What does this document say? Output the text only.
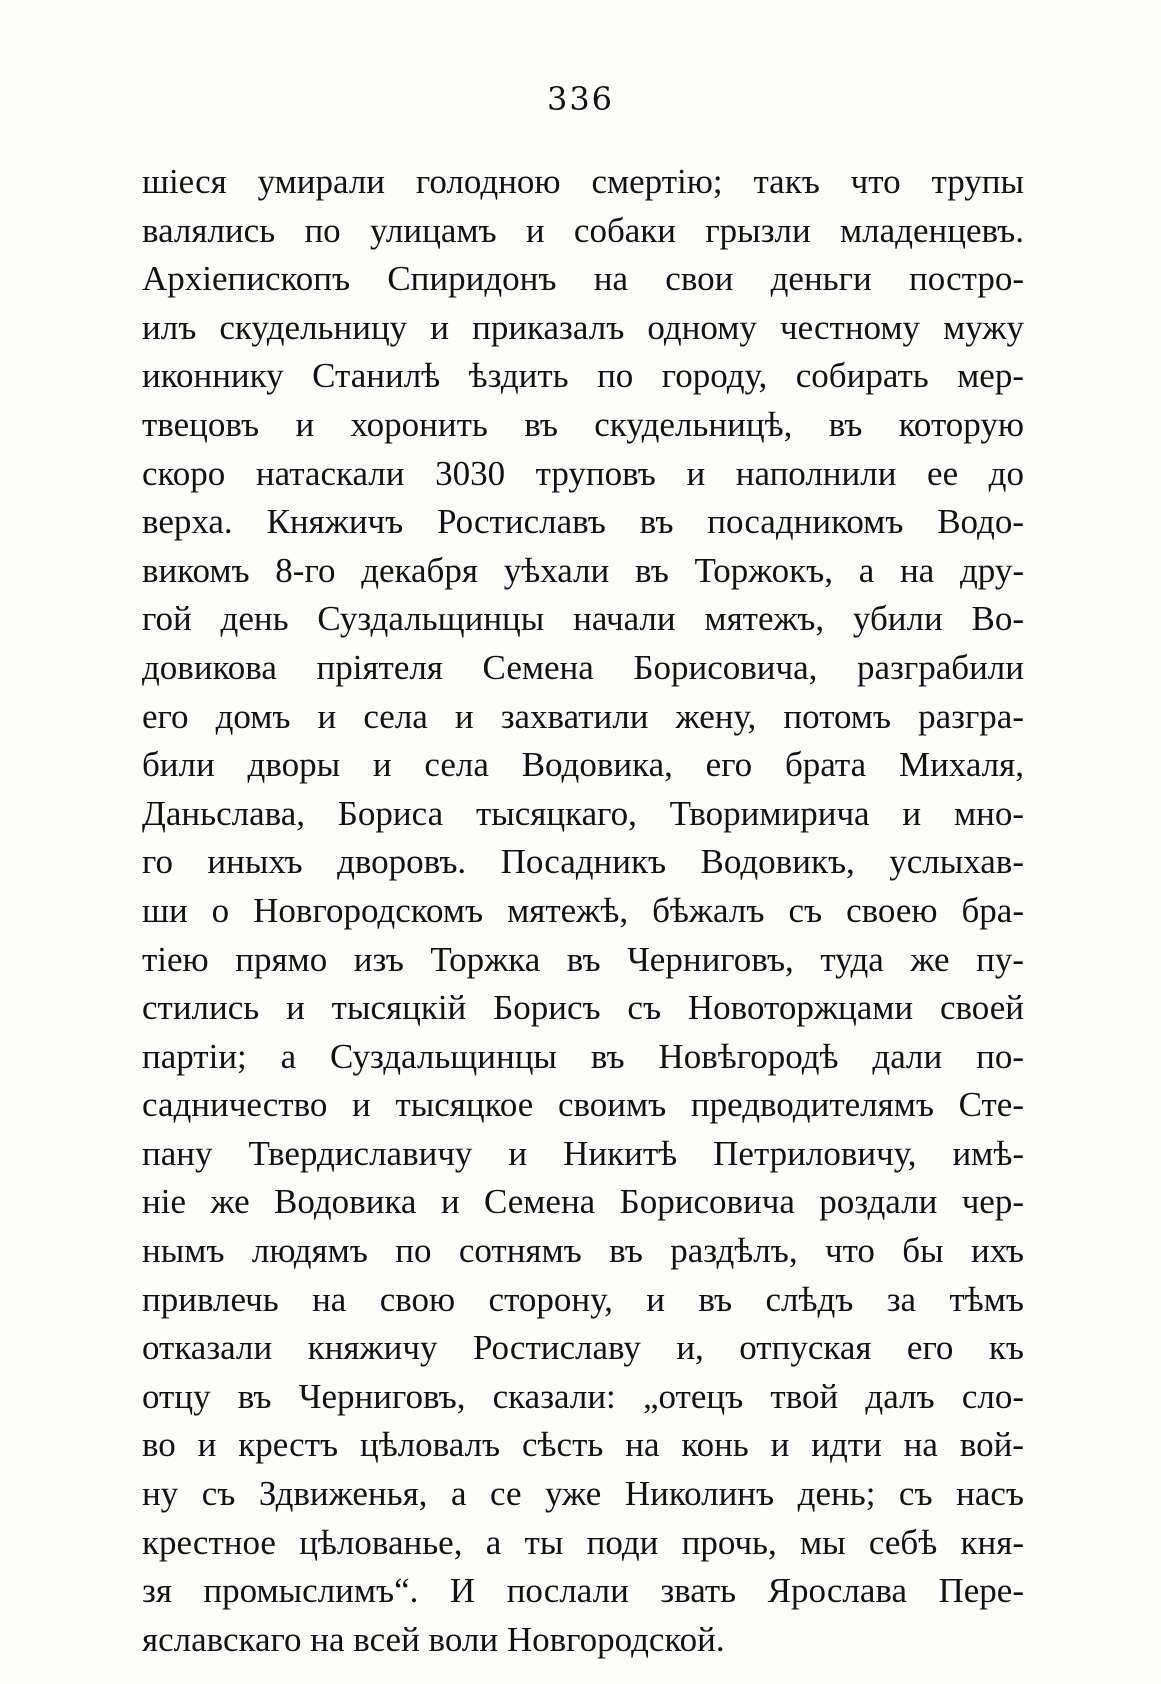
336
шіеся умирали голодною смертію; такъ что трупы
валялись по улицамъ и собаки грызли младенцевъ.
Архіепископъ Спиридонъ на свои деньги постро-
илъ скудельницу и приказалъ одному честному мужу
иконнику Станилѣ ѣздить по городу, собирать мер-
твецовъ и хоронить въ скудельницѣ, въ которую
скоро натаскали 3030 труповъ и наполнили ее до
верха. Княжичъ Ростиславъ въ посадникомъ Водо-
викомъ 8-го декабря уѣхали въ Торжокъ, а на дру-
гой день Суздальщинцы начали мятежъ, убили Во-
довикова пріятеля Семена Борисовича, разграбили
его домъ и села и захватили жену, потомъ разгра-
били дворы и села Водовика, его брата Михаля,
Даньслава, Бориса тысяцкаго, Творимирича и мно-
го иныхъ дворовъ. Посадникъ Водовикъ, услыхав-
ши о Новгородскомъ мятежѣ, бѣжалъ съ своею бра-
тіею прямо изъ Торжка въ Черниговъ, туда же пу-
стились и тысяцкій Борисъ съ Новоторжцами своей
партіи; а Суздальщинцы въ Новѣгородѣ дали по-
садничество и тысяцкое своимъ предводителямъ Сте-
пану Твердиславичу и Никитѣ Петриловичу, имѣ-
ніе же Водовика и Семена Борисовича роздали чер-
нымъ людямъ по сотнямъ въ раздѣлъ, что бы ихъ
привлечь на свою сторону, и въ слѣдъ за тѣмъ
отказали княжичу Ростиславу и, отпуская его къ
отцу въ Черниговъ, сказали: „отецъ твой далъ сло-
во и крестъ цѣловалъ сѣсть на конь и идти на вой-
ну съ Здвиженья, а се уже Николинъ день; съ насъ
крестное цѣлованье, а ты поди прочь, мы себѣ кня-
зя промыслимъ“. И послали звать Ярослава Пере-
яславскаго на всей воли Новгородской.
